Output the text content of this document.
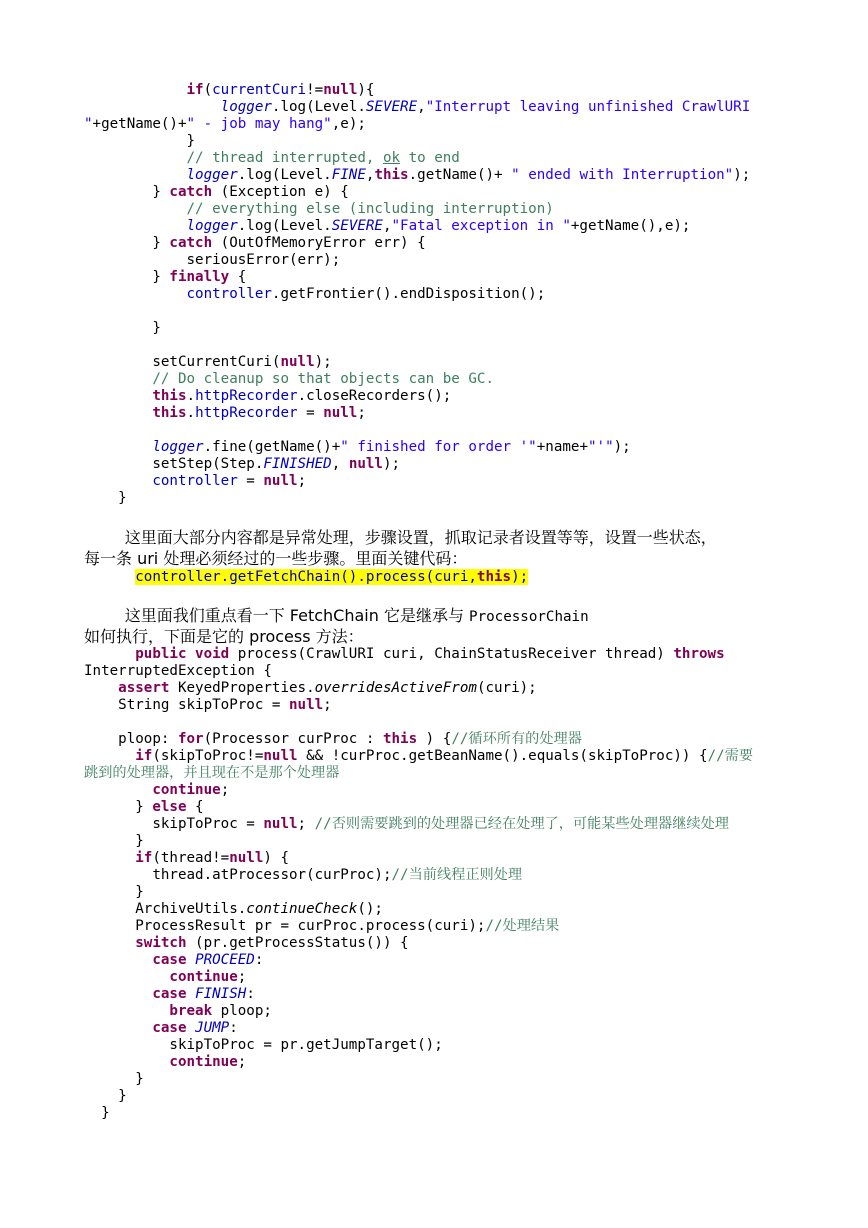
if(currentCuri!=null){
logger.log(Level.SEVERE,"Interrupt leaving unfinished CrawlURI
"+getName()+" - job may hang",e);
}
// thread interrupted, ok to end
logger.log(Level.FINE,this.getName()+ " ended with Interruption");
} catch (Exception e) {
// everything else (including interruption)
logger.log(Level.SEVERE,"Fatal exception in "+getName(),e);
} catch (OutOfMemoryError err) {
seriousError(err);
} finally {
controller.getFrontier().endDisposition();
}
setCurrentCuri(null);
// Do cleanup so that objects can be GC.
this.httpRecorder.closeRecorders();
this.httpRecorder = null;
logger.fine(getName()+" finished for order '"+name+"'");
setStep(Step.FINISHED, null);
controller = null;
}
这里面大部分内容都是异常处理，步骤设置，抓取记录者设置等等，设置一些状态，
每一条 uri 处理必须经过的一些步骤。里面关键代码：
controller.getFetchChain().process(curi,this);
这里面我们重点看一下 FetchChain 它是继承与 ProcessorChain
如何执行，下面是它的 process 方法：
public void process(CrawlURI curi, ChainStatusReceiver thread) throws
InterruptedException {
assert KeyedProperties.overridesActiveFrom(curi);
String skipToProc = null;
ploop: for(Processor curProc : this ) {//循环所有的处理器
if(skipToProc!=null && !curProc.getBeanName().equals(skipToProc)) {//需要
跳到的处理器，并且现在不是那个处理器
continue;
} else {
skipToProc = null; //否则需要跳到的处理器已经在处理了，可能某些处理器继续处理
}
if(thread!=null) {
thread.atProcessor(curProc);//当前线程正则处理
}
ArchiveUtils.continueCheck();
ProcessResult pr = curProc.process(curi);//处理结果
switch (pr.getProcessStatus()) {
case PROCEED:
continue;
case FINISH:
break ploop;
case JUMP:
skipToProc = pr.getJumpTarget();
continue;
}
}
}
